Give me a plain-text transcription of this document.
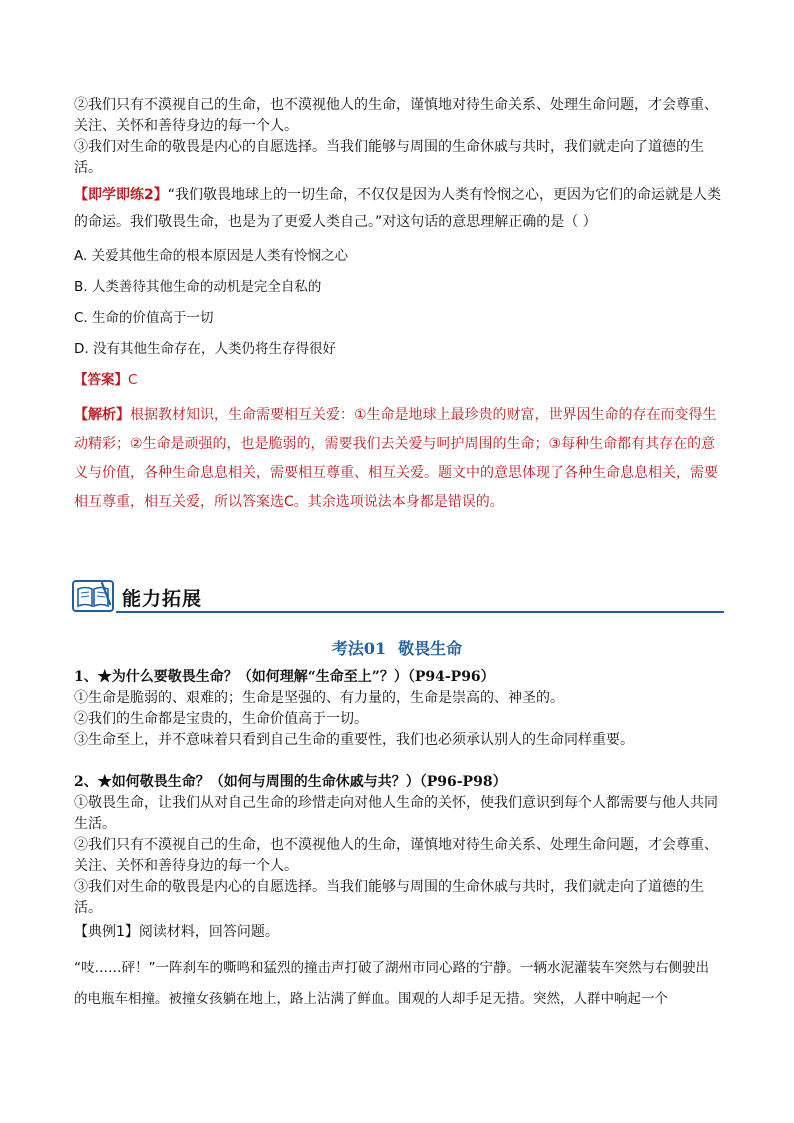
②我们只有不漠视自己的生命，也不漠视他人的生命，谨慎地对待生命关系、处理生命问题，才会尊重、关注、关怀和善待身边的每一个人。

③我们对生命的敬畏是内心的自愿选择。当我们能够与周围的生命休戚与共时，我们就走向了道德的生活。

【即学即练2】“我们敬畏地球上的一切生命，不仅仅是因为人类有怜悯之心，更因为它们的命运就是人类的命运。我们敬畏生命，也是为了更爱人类自己。”对这句话的意思理解正确的是（ ）

A. 关爱其他生命的根本原因是人类有怜悯之心
B. 人类善待其他生命的动机是完全自私的
C. 生命的价值高于一切
D. 没有其他生命存在，人类仍将生存得很好
【答案】C

【解析】根据教材知识，生命需要相互关爱：①生命是地球上最珍贵的财富，世界因生命的存在而变得生动精彩；②生命是顽强的，也是脆弱的，需要我们去关爱与呵护周围的生命；③每种生命都有其存在的意义与价值，各种生命息息相关，需要相互尊重、相互关爱。题文中的意思体现了各种生命息息相关，需要相互尊重，相互关爱，所以答案选C。其余选项说法本身都是错误的。

能力拓展
考法01 敬畏生命

1、★为什么要敬畏生命？（如何理解“生命至上”？）（P94-P96）

①生命是脆弱的、艰难的；生命是坚强的、有力量的，生命是崇高的、神圣的。

②我们的生命都是宝贵的，生命价值高于一切。

③生命至上，并不意味着只看到自己生命的重要性，我们也必须承认别人的生命同样重要。

2、★如何敬畏生命？（如何与周围的生命休戚与共？）（P96-P98）

①敬畏生命，让我们从对自己生命的珍惜走向对他人生命的关怀，使我们意识到每个人都需要与他人共同生活。

②我们只有不漠视自己的生命，也不漠视他人的生命，谨慎地对待生命关系、处理生命问题，才会尊重、关注、关怀和善待身边的每一个人。

③我们对生命的敬畏是内心的自愿选择。当我们能够与周围的生命休戚与共时，我们就走向了道德的生活。

【典例1】阅读材料，回答问题。

“吱……砰！”一阵刹车的嘶鸣和猛烈的撞击声打破了湖州市同心路的宁静。一辆水泥灌装车突然与右侧驶出的电瓶车相撞。被撞女孩躺在地上，路上沾满了鲜血。围观的人却手足无措。突然，人群中响起一个
